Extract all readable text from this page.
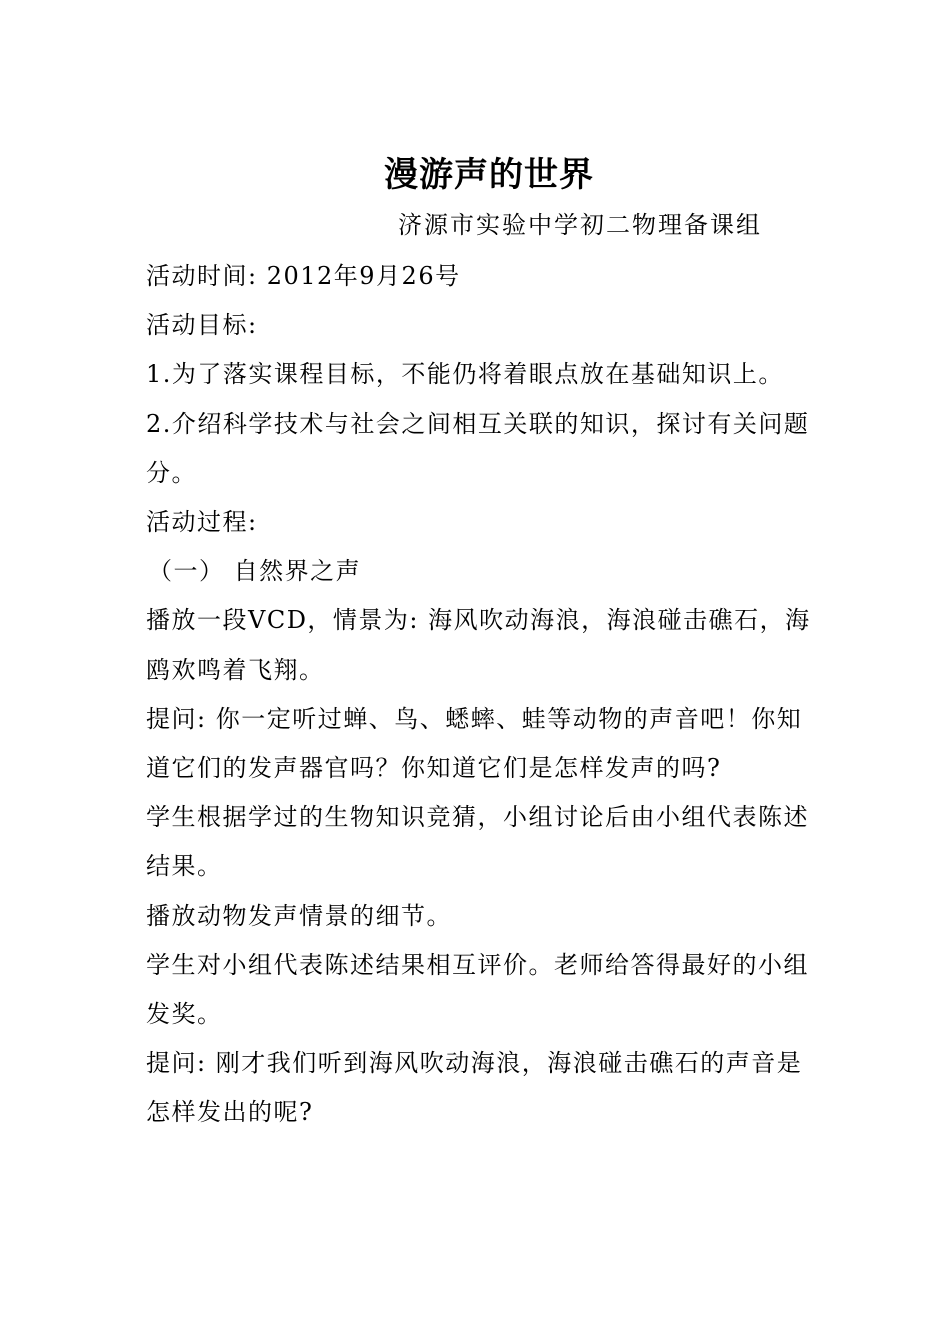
漫游声的世界
济源市实验中学初二物理备课组

活动时间: 2012年9月26号

活动目标:

1.为了落实课程目标，不能仍将着眼点放在基础知识上。

2.介绍科学技术与社会之间相互关联的知识，探讨有关问题分。

活动过程:

（一） 自然界之声

播放一段VCD，情景为: 海风吹动海浪，海浪碰击礁石，海鸥欢鸣着飞翔。

提问: 你一定听过蝉、鸟、蟋蟀、蛙等动物的声音吧！你知道它们的发声器官吗？你知道它们是怎样发声的吗?

学生根据学过的生物知识竞猜，小组讨论后由小组代表陈述结果。

播放动物发声情景的细节。

学生对小组代表陈述结果相互评价。老师给答得最好的小组发奖。

提问: 刚才我们听到海风吹动海浪，海浪碰击礁石的声音是怎样发出的呢?
